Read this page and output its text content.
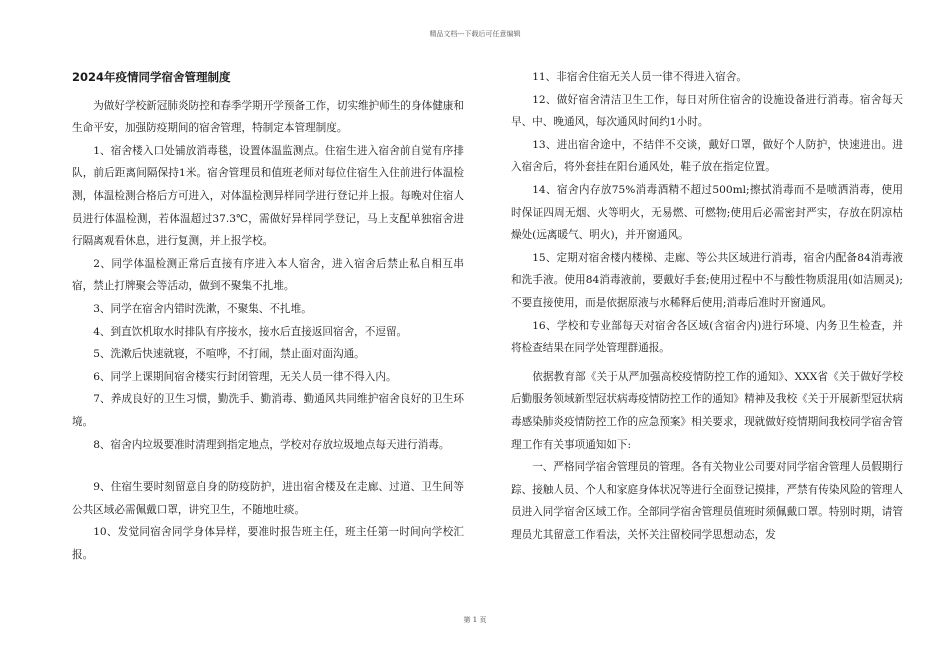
精品文档---下载后可任意编辑
2024年疫情同学宿舍管理制度

为做好学校新冠肺炎防控和春季学期开学预备工作，切实维护师生的身体健康和生命平安，加强防疫期间的宿舍管理，特制定本管理制度。

1、宿舍楼入口处铺放消毒毯，设置体温监测点。住宿生进入宿舍前自觉有序排队，前后距离间隔保持1米。宿舍管理员和值班老师对每位住宿生入住前进行体温检测，体温检测合格后方可进入，对体温检测异样同学进行登记并上报。每晚对住宿人员进行体温检测，若体温超过37.3℃，需做好异样同学登记，马上支配单独宿舍进行隔离观看休息，进行复测，并上报学校。

2、同学体温检测正常后直接有序进入本人宿舍，进入宿舍后禁止私自相互串宿，禁止打牌聚会等活动，做到不聚集不扎堆。

3、同学在宿舍内错时洗漱，不聚集、不扎堆。

4、到直饮机取水时排队有序接水，接水后直接返回宿舍，不逗留。

5、洗漱后快速就寝，不喧哗，不打闹，禁止面对面沟通。

6、同学上课期间宿舍楼实行封闭管理，无关人员一律不得入内。

7、养成良好的卫生习惯，勤洗手、勤消毒、勤通风共同维护宿舍良好的卫生环境。

8、宿舍内垃圾要准时清理到指定地点，学校对存放垃圾地点每天进行消毒。

9、住宿生要时刻留意自身的防疫防护，进出宿舍楼及在走廊、过道、卫生间等公共区域必需佩戴口罩，讲究卫生，不随地吐痰。

10、发觉同宿舍同学身体异样，要准时报告班主任，班主任第一时间向学校汇报。

11、非宿舍住宿无关人员一律不得进入宿舍。

12、做好宿舍清洁卫生工作，每日对所住宿舍的设施设备进行消毒。宿舍每天早、中、晚通风，每次通风时间约1小时。

13、进出宿舍途中，不结伴不交谈，戴好口罩，做好个人防护，快速进出。进入宿舍后，将外套挂在阳台通风处，鞋子放在指定位置。

14、宿舍内存放75%消毒酒精不超过500ml;擦拭消毒而不是喷洒消毒，使用时保证四周无烟、火等明火，无易燃、可燃物;使用后必需密封严实，存放在阴凉枯燥处(远离暖气、明火)，并开窗通风。

15、定期对宿舍楼内楼梯、走廊、等公共区域进行消毒，宿舍内配备84消毒液和洗手液。使用84消毒液前，要戴好手套;使用过程中不与酸性物质混用(如洁厕灵);不要直接使用，而是依据原液与水稀释后使用;消毒后准时开窗通风。

16、学校和专业部每天对宿舍各区域(含宿舍内)进行环境、内务卫生检查，并将检查结果在同学处管理群通报。

依据教育部《关于从严加强高校疫情防控工作的通知》、XXX省《关于做好学校后勤服务领域新型冠状病毒疫情防控工作的通知》精神及我校《关于开展新型冠状病毒感染肺炎疫情防控工作的应急预案》相关要求，现就做好疫情期间我校同学宿舍管理工作有关事项通知如下:

一、严格同学宿舍管理员的管理。各有关物业公司要对同学宿舍管理人员假期行踪、接触人员、个人和家庭身体状况等进行全面登记摸排，严禁有传染风险的管理人员进入同学宿舍区域工作。全部同学宿舍管理员值班时须佩戴口罩。特别时期，请管理员尤其留意工作看法，关怀关注留校同学思想动态，发

第 1 页
